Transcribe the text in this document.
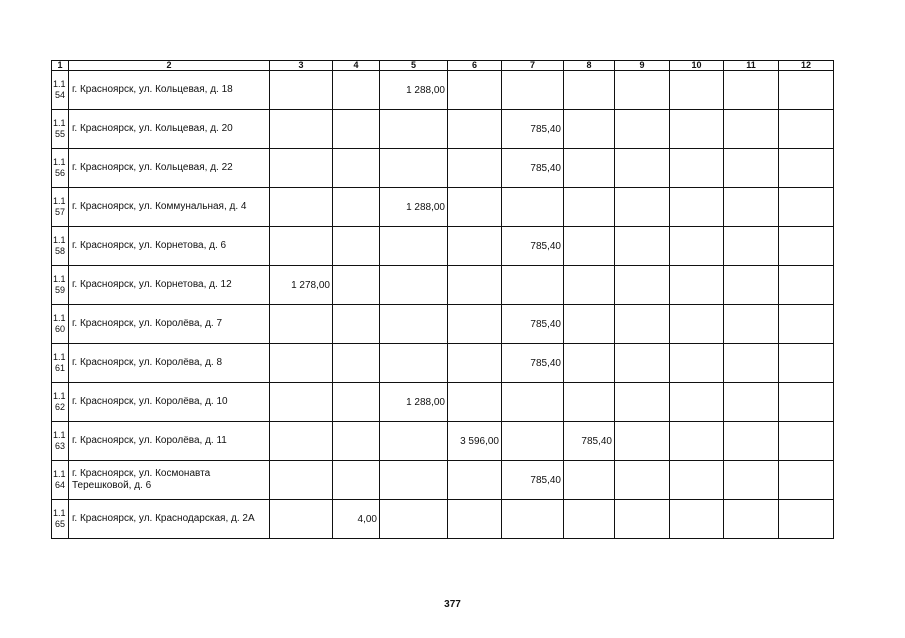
1	2	3	4	5	6	7	8	9	10	11	12

1.1
54	г. Красноярск, ул. Кольцевая, д. 18			1 288,00							

1.1
55	г. Красноярск, ул. Кольцевая, д. 20					785,40					

1.1
56	г. Красноярск, ул. Кольцевая, д. 22					785,40					

1.1
57	г. Красноярск, ул. Коммунальная, д. 4			1 288,00							

1.1
58	г. Красноярск, ул. Корнетова, д. 6					785,40					

1.1
59	г. Красноярск, ул. Корнетова, д. 12	1 278,00									

1.1
60	г. Красноярск, ул. Королёва, д. 7					785,40					

1.1
61	г. Красноярск, ул. Королёва, д. 8					785,40					

1.1
62	г. Красноярск, ул. Королёва, д. 10			1 288,00							

1.1
63	г. Красноярск, ул. Королёва, д. 11				3 596,00		785,40				

1.1
64	г. Красноярск, ул. Космонавта Терешковой, д. 6					785,40					

1.1
65	г. Красноярск, ул. Краснодарская, д. 2А		4,00								
377
